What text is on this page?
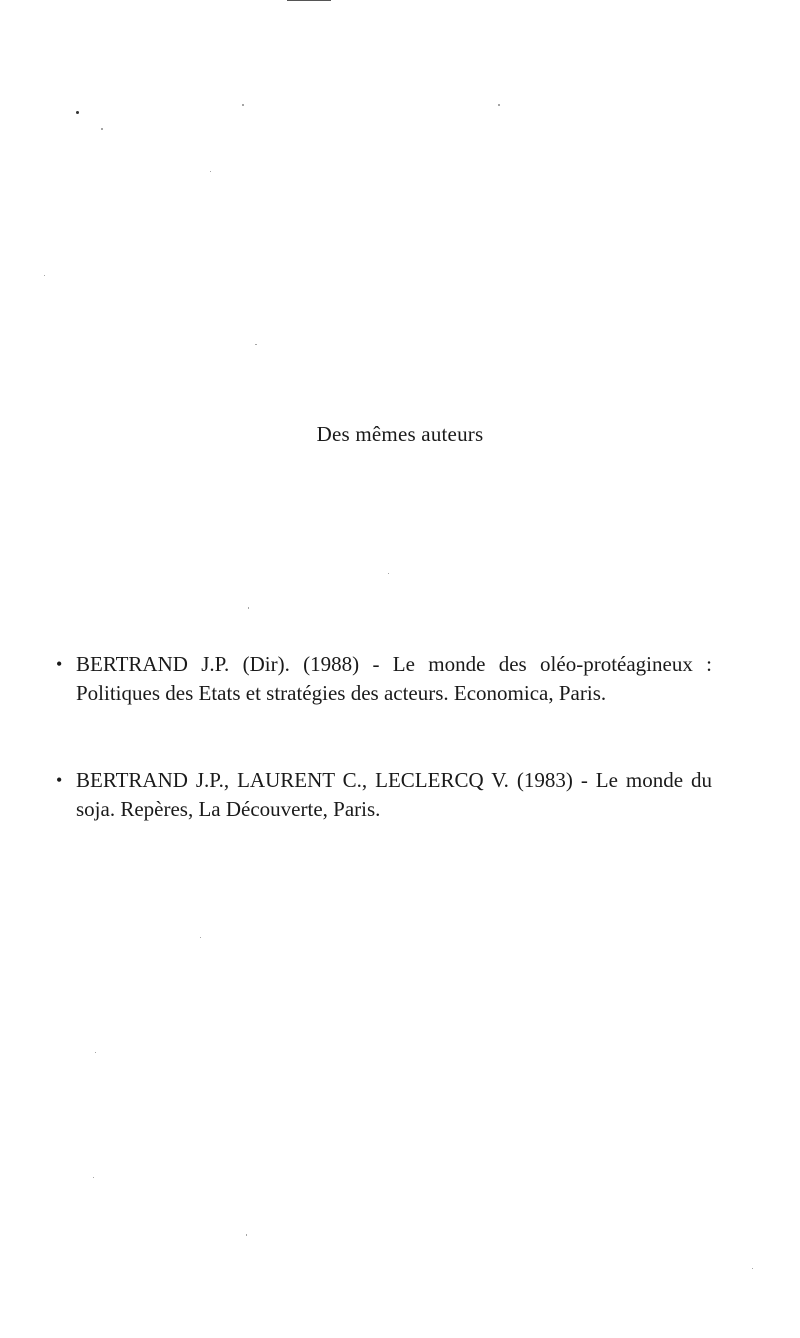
Des mêmes auteurs
• BERTRAND J.P. (Dir). (1988) - Le monde des oléo-protéagineux : Politiques des Etats et stratégies des acteurs. Economica, Paris.
• BERTRAND J.P., LAURENT C., LECLERCQ V. (1983) - Le monde du soja. Repères, La Découverte, Paris.
